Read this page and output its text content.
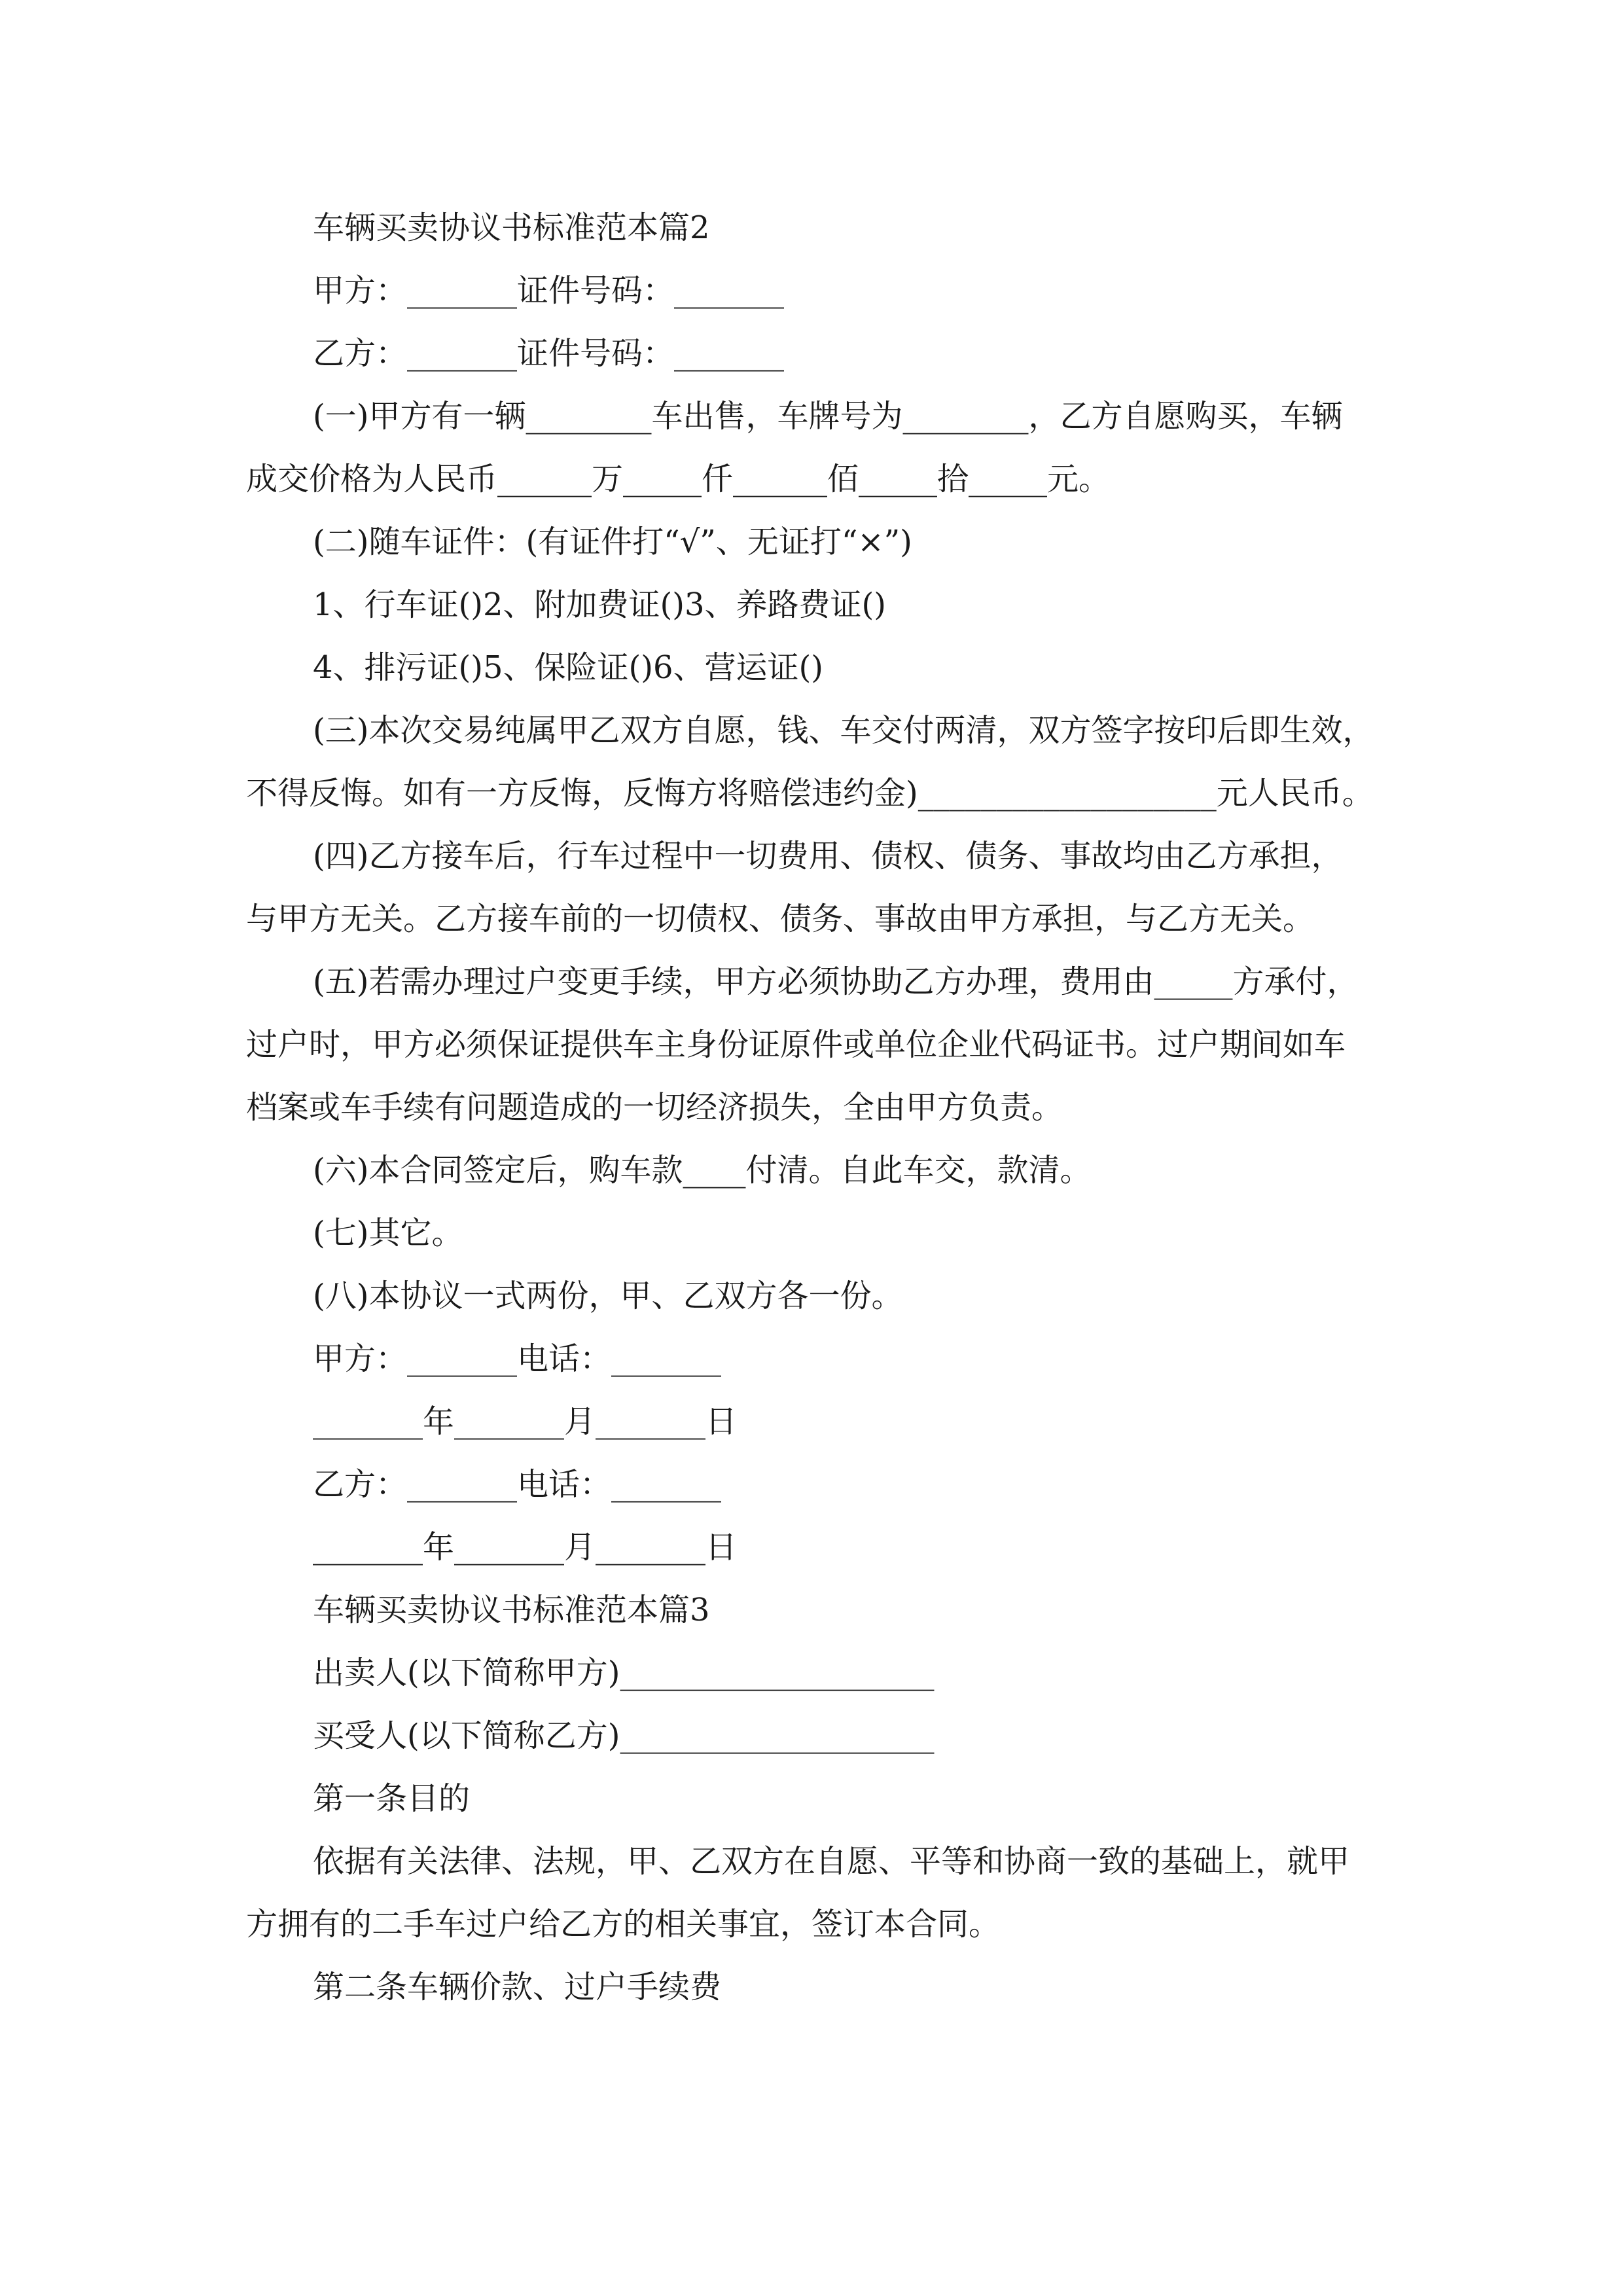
车辆买卖协议书标准范本篇2
甲方：_______证件号码：_______
乙方：_______证件号码：_______
(一)甲方有一辆________车出售，车牌号为________，乙方自愿购买，车辆
成交价格为人民币______万_____仟______佰_____拾_____元。
(二)随车证件：(有证件打“√”、无证打“×”)
1、行车证()2、附加费证()3、养路费证()
4、排污证()5、保险证()6、营运证()
(三)本次交易纯属甲乙双方自愿，钱、车交付两清，双方签字按印后即生效，
不得反悔。如有一方反悔，反悔方将赔偿违约金)___________________元人民币。
(四)乙方接车后，行车过程中一切费用、债权、债务、事故均由乙方承担，
与甲方无关。乙方接车前的一切债权、债务、事故由甲方承担，与乙方无关。
(五)若需办理过户变更手续，甲方必须协助乙方办理，费用由_____方承付，
过户时，甲方必须保证提供车主身份证原件或单位企业代码证书。过户期间如车
档案或车手续有问题造成的一切经济损失，全由甲方负责。
(六)本合同签定后，购车款____付清。自此车交，款清。
(七)其它。
(八)本协议一式两份，甲、乙双方各一份。
甲方：_______电话：_______
_______年_______月_______日
乙方：_______电话：_______
_______年_______月_______日
车辆买卖协议书标准范本篇3
出卖人(以下简称甲方)____________________
买受人(以下简称乙方)____________________
第一条目的
依据有关法律、法规，甲、乙双方在自愿、平等和协商一致的基础上，就甲
方拥有的二手车过户给乙方的相关事宜，签订本合同。
第二条车辆价款、过户手续费
